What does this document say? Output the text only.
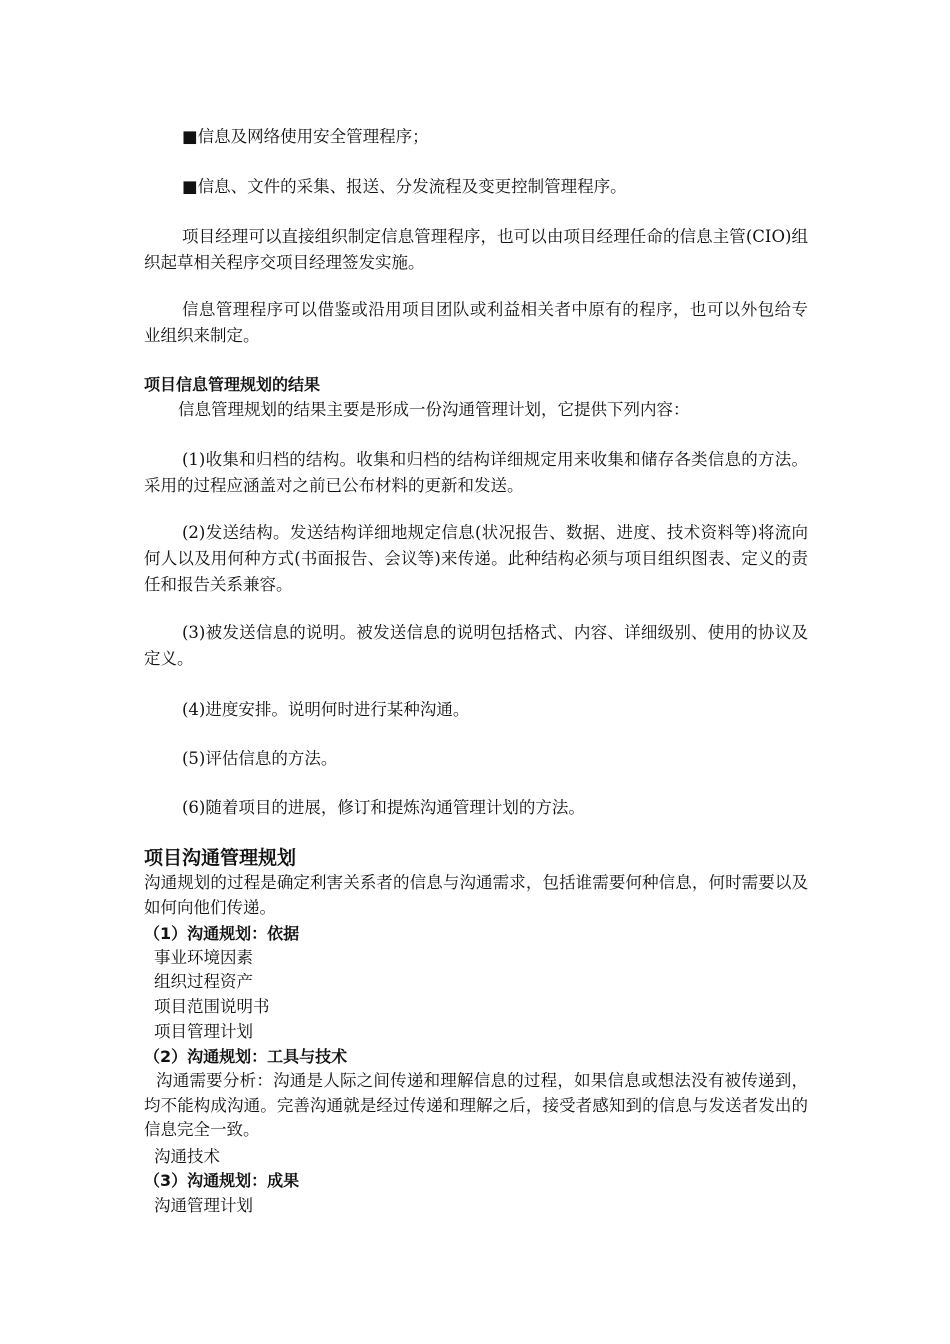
■信息及网络使用安全管理程序；

■信息、文件的采集、报送、分发流程及变更控制管理程序。

项目经理可以直接组织制定信息管理程序，也可以由项目经理任命的信息主管(CIO)组织起草相关程序交项目经理签发实施。

信息管理程序可以借鉴或沿用项目团队或利益相关者中原有的程序，也可以外包给专业组织来制定。

项目信息管理规划的结果

信息管理规划的结果主要是形成一份沟通管理计划，它提供下列内容：

(1)收集和归档的结构。收集和归档的结构详细规定用来收集和储存各类信息的方法。采用的过程应涵盖对之前已公布材料的更新和发送。

(2)发送结构。发送结构详细地规定信息(状况报告、数据、进度、技术资料等)将流向何人以及用何种方式(书面报告、会议等)来传递。此种结构必须与项目组织图表、定义的责任和报告关系兼容。

(3)被发送信息的说明。被发送信息的说明包括格式、内容、详细级别、使用的协议及定义。

(4)进度安排。说明何时进行某种沟通。

(5)评估信息的方法。

(6)随着项目的进展，修订和提炼沟通管理计划的方法。

项目沟通管理规划

沟通规划的过程是确定利害关系者的信息与沟通需求，包括谁需要何种信息，何时需要以及如何向他们传递。

（1）沟通规划：依据
事业环境因素
组织过程资产
项目范围说明书
项目管理计划
（2）沟通规划：工具与技术

沟通需要分析：沟通是人际之间传递和理解信息的过程，如果信息或想法没有被传递到，均不能构成沟通。完善沟通就是经过传递和理解之后，接受者感知到的信息与发送者发出的信息完全一致。

沟通技术
（3）沟通规划：成果
沟通管理计划
